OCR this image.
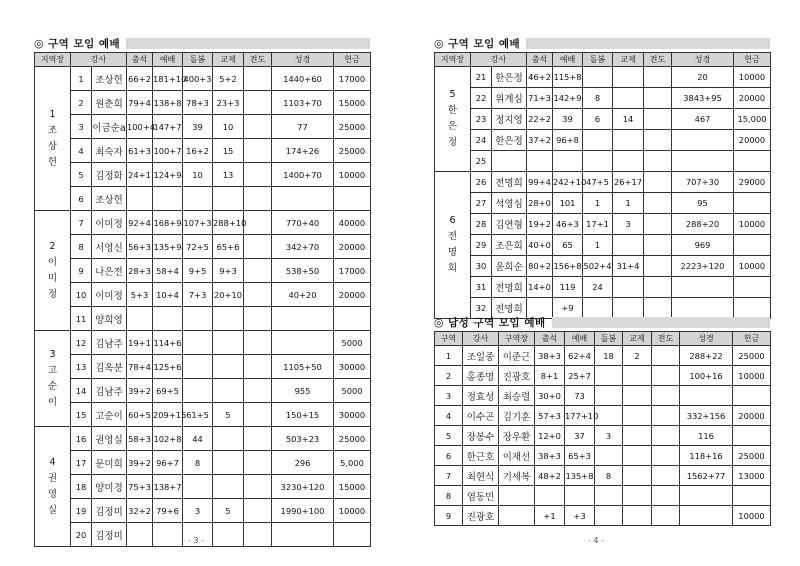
◎ 구역 모임 예배
지역장	강사		출석	예배	돌봄	교제	전도	성경	헌금
1
조
상
헌	1	조상헌	66+2	181+10	400+3	5+2		1440+60	17000
	2	원춘희	79+4	138+8	78+3	23+3		1103+70	15000
	3	이금순a	100+4	147+7	39	10		77	25000
	4	최숙자	61+3	100+7	16+2	15		174+26	25000
	5	김정화	24+1	124+9	10	13		1400+70	10000
	6	조상헌							
2
이
미
정	7	이미정	92+4	168+9	107+3	288+10		770+40	40000
	8	서영신	56+3	135+9	72+5	65+6		342+70	20000
	9	나은전	28+3	58+4	9+5	9+3		538+50	17000
	10	이미정	5+3	10+4	7+3	20+10		40+20	20000
	11	양희영							
3
고
순
이	12	김남주	19+1	114+6					5000
	13	김옥분	78+4	125+6				1105+50	30000
	14	김남주	39+2	69+5				955	5000
	15	고순이	60+5	209+15	61+5	5		150+15	30000
4
권
영
실	16	권영실	58+3	102+8	44			503+23	25000
	17	문미희	39+2	96+7	8			296	5,000
	18	양미경	75+3	138+7				3230+120	15000
	19	김정미	32+2	79+6	3	5		1990+100	10000
	20	김정미								- 3 -
◎ 구역 모임 예배
지역장	강사		출석	예배	돌봄	교제	전도	성경	헌금
5
한
은
정	21	한은정	46+2	115+8				20	10000
	22	위계심	71+3	142+9	8			3843+95	20000
	23	정지영	22+2	39	6	14		467	15,000
	24	한은정	37+2	96+8					20000
	25								
6
전
명
희	26	전명희	99+4	242+10	47+5	26+17		707+30	29000
	27	석영심	28+0	101	1	1		95	
	28	김연형	19+2	46+3	17+1	3		288+20	10000
	29	조은희	40+0	65	1			969	
	30	윤희순	80+2	156+8	502+4	31+4		2223+120	10000
	31	전명희	14+0	119	24				
	32	전명희		+9					
◎ 남성 구역 모임 예배
구역	강사	구역장	출석	예배	돌봄	교제	전도	성경	헌금
1	조일중	이준근	38+3	62+4	18	2		288+22	25000
2	홍종명	진광호	8+1	25+7				100+16	10000
3	정효성	최승렬	30+0	73					
4	이수곤	김기훈	57+3	177+10				332+156	20000
5	장봉수	장우환	12+0	37	3			116	
6	한근호	이재선	38+3	65+3				118+16	25000
7	최현식	기세복	48+2	135+8	8			1562+77	13000
8	염동민								
9	진광호		+1	+3					10000
- 4 -
